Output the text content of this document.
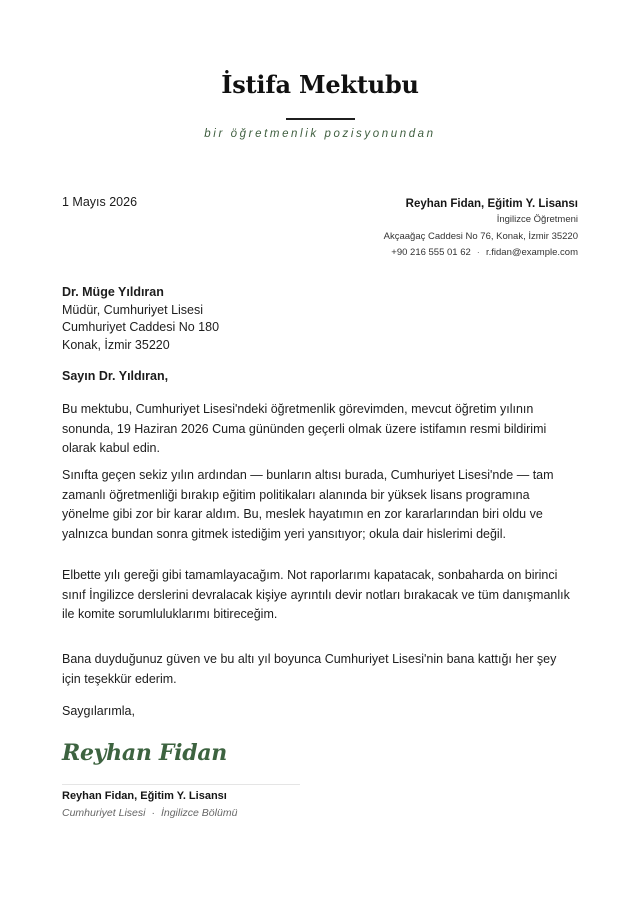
İstifa Mektubu
bir öğretmenlik pozisyonundan
1 Mayıs 2026	Reyhan Fidan, Eğitim Y. Lisansı
İngilizce Öğretmeni
Akçaağaç Caddesi No 76, Konak, İzmir 35220
+90 216 555 01 62 · r.fidan@example.com
Dr. Müge Yıldıran
Müdür, Cumhuriyet Lisesi
Cumhuriyet Caddesi No 180
Konak, İzmir 35220
Sayın Dr. Yıldıran,
Bu mektubu, Cumhuriyet Lisesi'ndeki öğretmenlik görevimden, mevcut öğretim yılının sonunda, 19 Haziran 2026 Cuma gününden geçerli olmak üzere istifamın resmi bildirimi olarak kabul edin.
Sınıfta geçen sekiz yılın ardından — bunların altısı burada, Cumhuriyet Lisesi'nde — tam zamanlı öğretmenliği bırakıp eğitim politikaları alanında bir yüksek lisans programına yönelme gibi zor bir karar aldım. Bu, meslek hayatımın en zor kararlarından biri oldu ve yalnızca bundan sonra gitmek istediğim yeri yansıtıyor; okula dair hislerimi değil.
Elbette yılı gereği gibi tamamlayacağım. Not raporlarımı kapatacak, sonbaharda on birinci sınıf İngilizce derslerini devralacak kişiye ayrıntılı devir notları bırakacak ve tüm danışmanlık ile komite sorumluluklarımı bitireceğim.
Bana duyduğunuz güven ve bu altı yıl boyunca Cumhuriyet Lisesi'nin bana kattığı her şey için teşekkür ederim.
Saygılarımla,
Reyhan Fidan
Reyhan Fidan, Eğitim Y. Lisansı
Cumhuriyet Lisesi · İngilizce Bölümü
